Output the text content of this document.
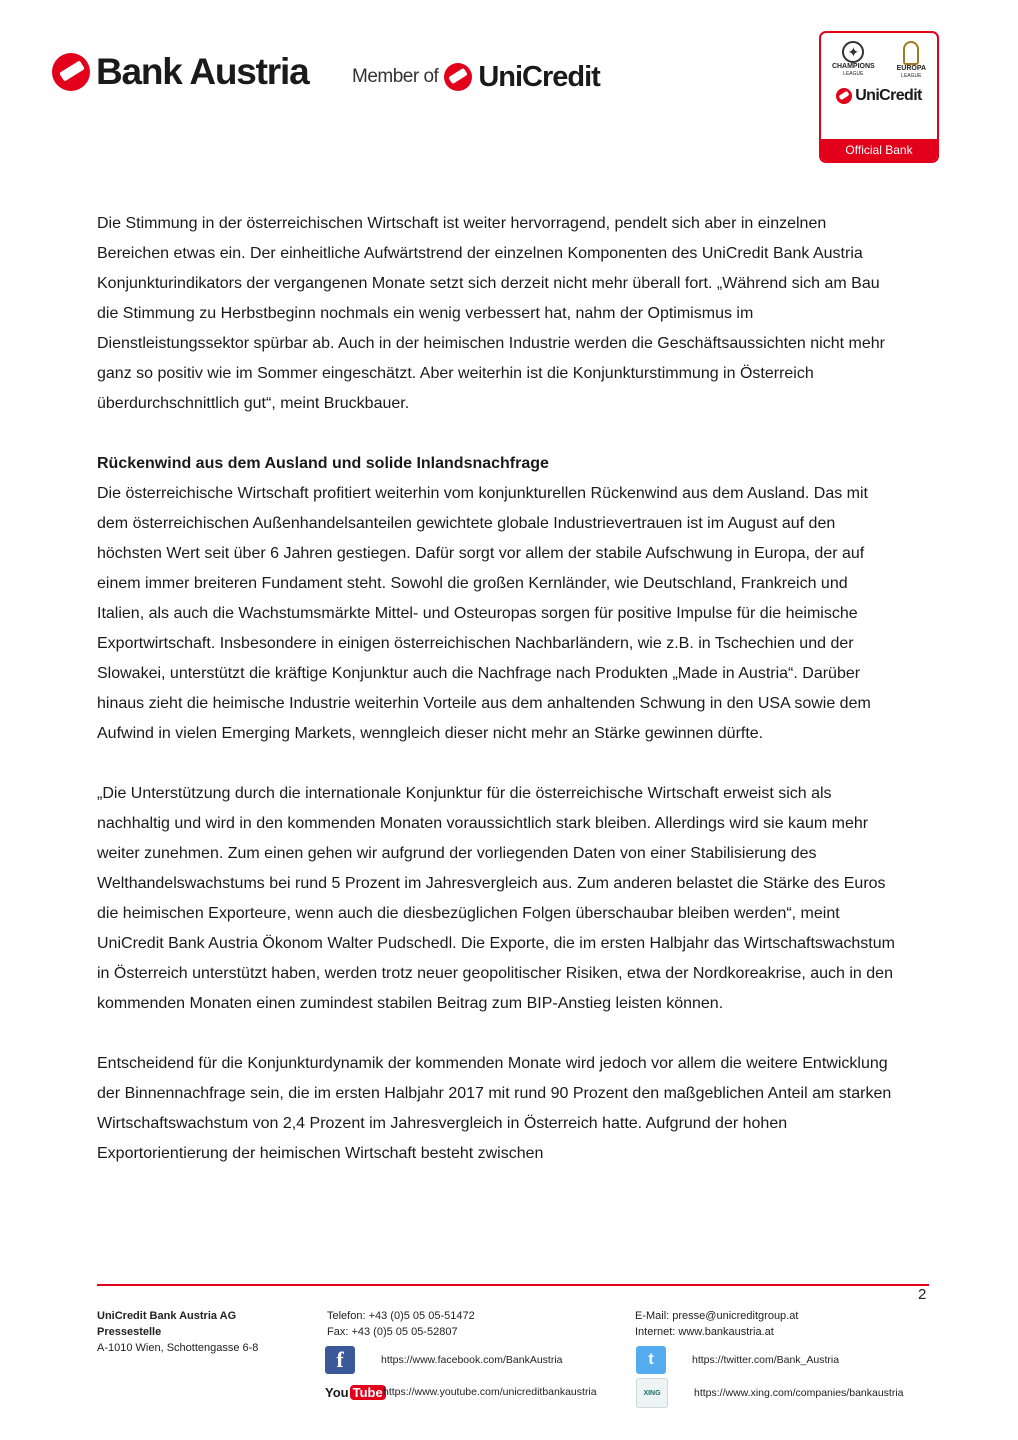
Bank Austria Member of UniCredit
✦
CHAMPIONS
LEAGUE
EUROPA
LEAGUE
UniCredit
Official Bank

Die Stimmung in der österreichischen Wirtschaft ist weiter hervorragend, pendelt sich aber in einzelnen Bereichen etwas ein. Der einheitliche Aufwärtstrend der einzelnen Komponenten des UniCredit Bank Austria Konjunkturindikators der vergangenen Monate setzt sich derzeit nicht mehr überall fort. „Während sich am Bau die Stimmung zu Herbstbeginn nochmals ein wenig verbessert hat, nahm der Optimismus im Dienstleistungssektor spürbar ab. Auch in der heimischen Industrie werden die Geschäftsaussichten nicht mehr ganz so positiv wie im Sommer eingeschätzt. Aber weiterhin ist die Konjunkturstimmung in Österreich überdurchschnittlich gut“, meint Bruckbauer.

Rückenwind aus dem Ausland und solide Inlandsnachfrage

Die österreichische Wirtschaft profitiert weiterhin vom konjunkturellen Rückenwind aus dem Ausland. Das mit dem österreichischen Außenhandelsanteilen gewichtete globale Industrievertrauen ist im August auf den höchsten Wert seit über 6 Jahren gestiegen. Dafür sorgt vor allem der stabile Aufschwung in Europa, der auf einem immer breiteren Fundament steht. Sowohl die großen Kernländer, wie Deutschland, Frankreich und Italien, als auch die Wachstumsmärkte Mittel- und Osteuropas sorgen für positive Impulse für die heimische Exportwirtschaft. Insbesondere in einigen österreichischen Nachbarländern, wie z.B. in Tschechien und der Slowakei, unterstützt die kräftige Konjunktur auch die Nachfrage nach Produkten „Made in Austria“. Darüber hinaus zieht die heimische Industrie weiterhin Vorteile aus dem anhaltenden Schwung in den USA sowie dem Aufwind in vielen Emerging Markets, wenngleich dieser nicht mehr an Stärke gewinnen dürfte.

„Die Unterstützung durch die internationale Konjunktur für die österreichische Wirtschaft erweist sich als nachhaltig und wird in den kommenden Monaten voraussichtlich stark bleiben. Allerdings wird sie kaum mehr weiter zunehmen. Zum einen gehen wir aufgrund der vorliegenden Daten von einer Stabilisierung des Welthandelswachstums bei rund 5 Prozent im Jahresvergleich aus. Zum anderen belastet die Stärke des Euros die heimischen Exporteure, wenn auch die diesbezüglichen Folgen überschaubar bleiben werden“, meint UniCredit Bank Austria Ökonom Walter Pudschedl. Die Exporte, die im ersten Halbjahr das Wirtschaftswachstum in Österreich unterstützt haben, werden trotz neuer geopolitischer Risiken, etwa der Nordkoreakrise, auch in den kommenden Monaten einen zumindest stabilen Beitrag zum BIP-Anstieg leisten können.

Entscheidend für die Konjunkturdynamik der kommenden Monate wird jedoch vor allem die weitere Entwicklung der Binnennachfrage sein, die im ersten Halbjahr 2017 mit rund 90 Prozent den maßgeblichen Anteil am starken Wirtschaftswachstum von 2,4 Prozent im Jahresvergleich in Österreich hatte. Aufgrund der hohen Exportorientierung der heimischen Wirtschaft besteht zwischen

2
UniCredit Bank Austria AG
Pressestelle
A-1010 Wien, Schottengasse 6-8
Telefon: +43 (0)5 05 05-51472
Fax: +43 (0)5 05 05-52807
E-Mail: presse@unicreditgroup.at
Internet: www.bankaustria.at
f	https://www.facebook.com/BankAustria
You Tube https://www.youtube.com/unicreditbankaustria
t	https://twitter.com/Bank_Austria
XING	https://www.xing.com/companies/bankaustria
